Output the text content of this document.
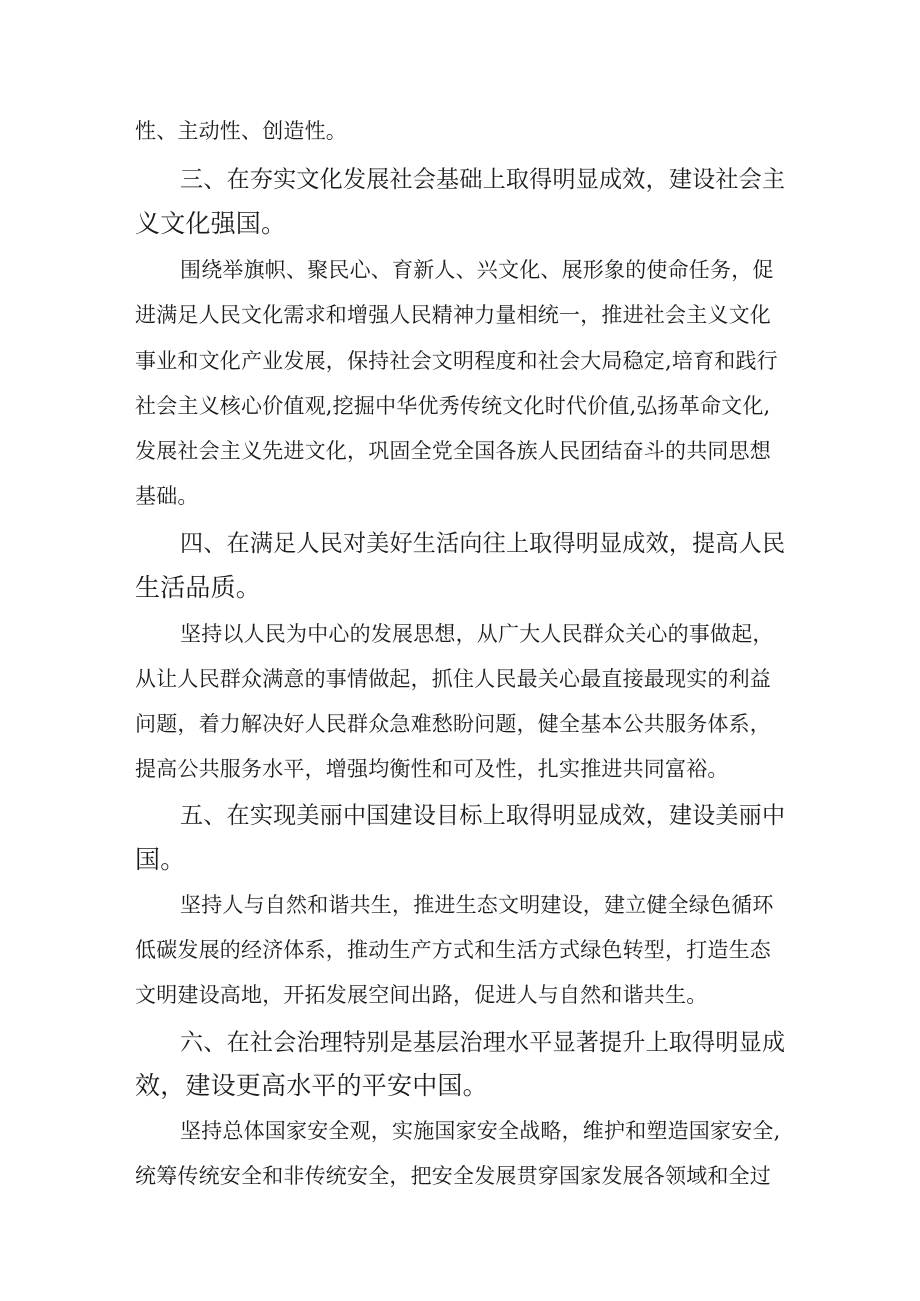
性、主动性、创造性。

三、在夯实文化发展社会基础上取得明显成效，建设社会主

义文化强国。

围绕举旗帜、聚民心、育新人、兴文化、展形象的使命任务，促

进满足人民文化需求和增强人民精神力量相统一，推进社会主义文化

事业和文化产业发展，保持社会文明程度和社会大局稳定,培育和践行

社会主义核心价值观,挖掘中华优秀传统文化时代价值,弘扬革命文化,

发展社会主义先进文化，巩固全党全国各族人民团结奋斗的共同思想

基础。

四、在满足人民对美好生活向往上取得明显成效，提高人民

生活品质。

坚持以人民为中心的发展思想，从广大人民群众关心的事做起，

从让人民群众满意的事情做起，抓住人民最关心最直接最现实的利益

问题，着力解决好人民群众急难愁盼问题，健全基本公共服务体系，

提高公共服务水平，增强均衡性和可及性，扎实推进共同富裕。

五、在实现美丽中国建设目标上取得明显成效，建设美丽中

国。

坚持人与自然和谐共生，推进生态文明建设，建立健全绿色循环

低碳发展的经济体系，推动生产方式和生活方式绿色转型，打造生态

文明建设高地，开拓发展空间出路，促进人与自然和谐共生。

六、在社会治理特别是基层治理水平显著提升上取得明显成

效，建设更高水平的平安中国。

坚持总体国家安全观，实施国家安全战略，维护和塑造国家安全,

统筹传统安全和非传统安全，把安全发展贯穿国家发展各领域和全过
